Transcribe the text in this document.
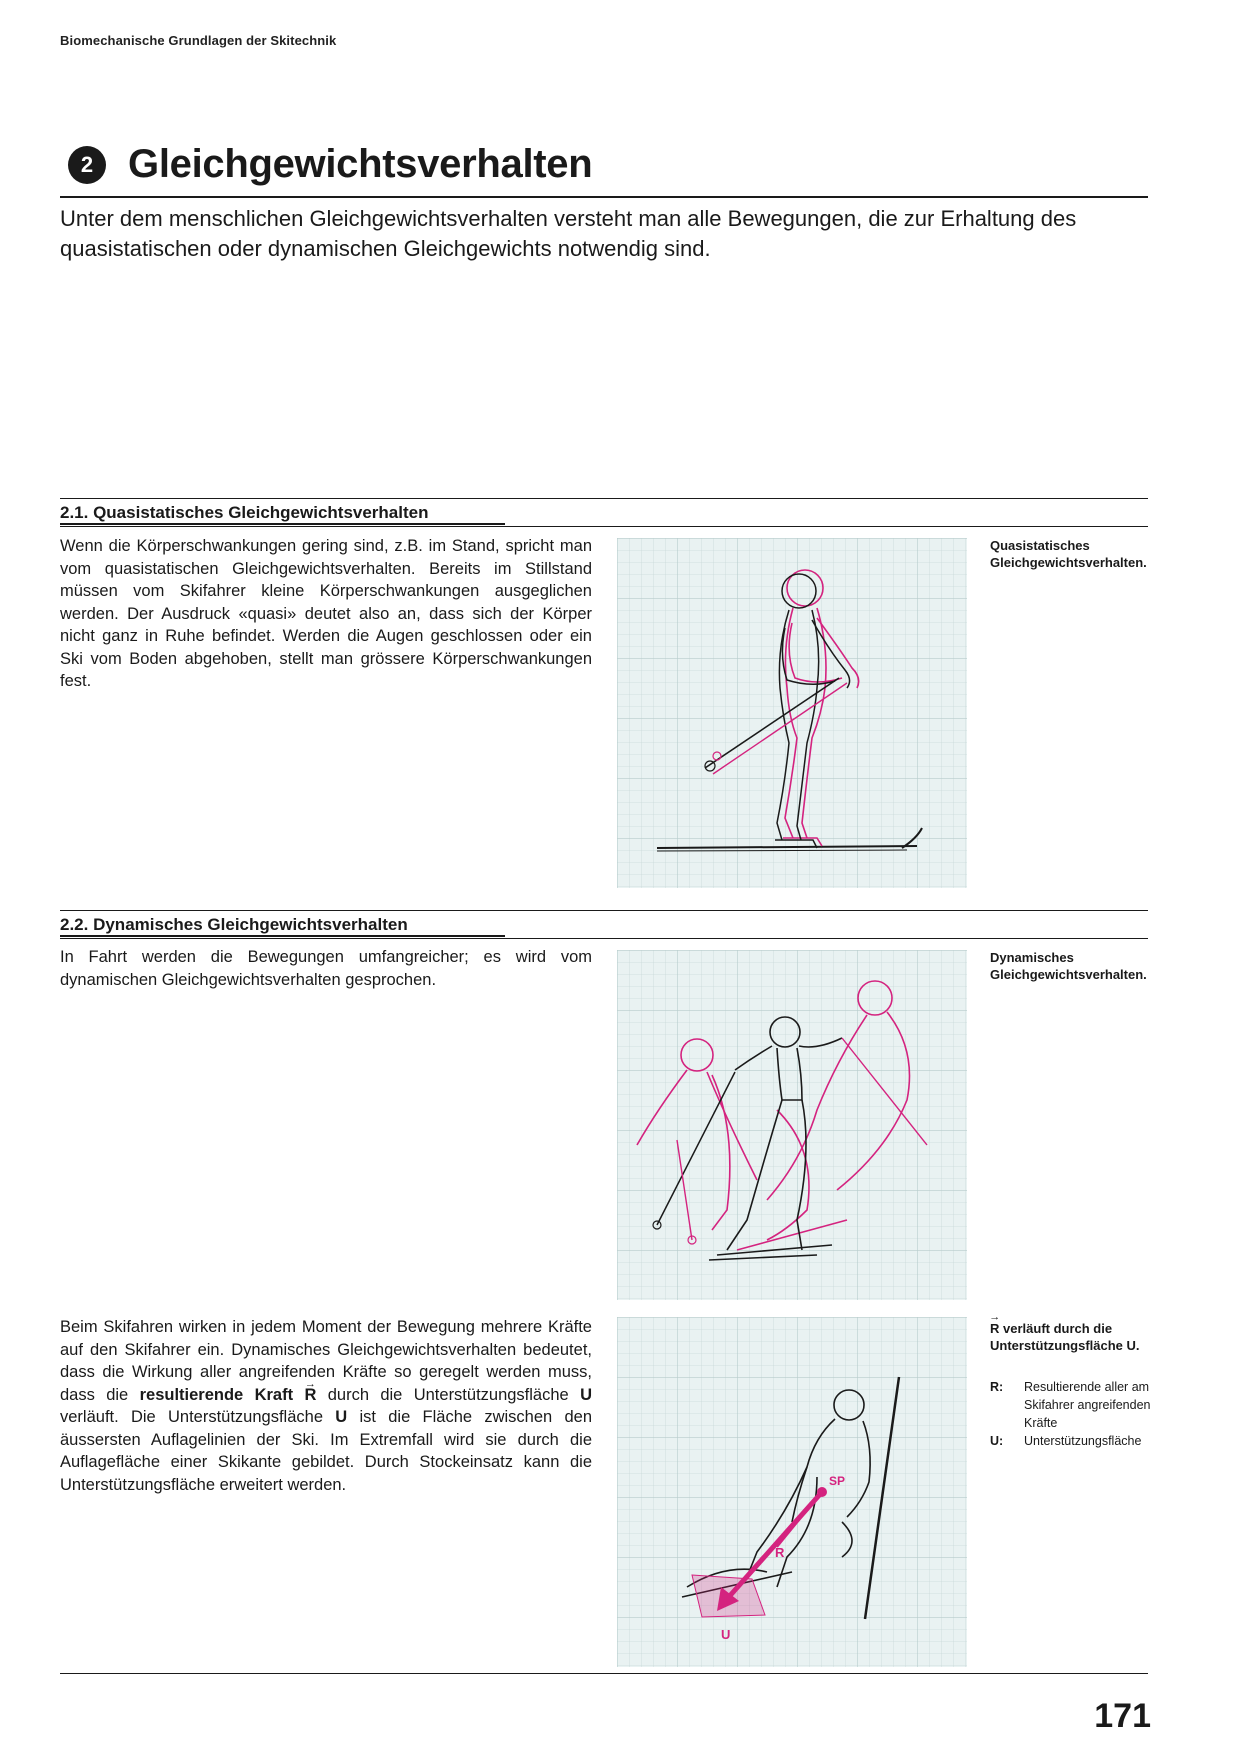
Biomechanische Grundlagen der Skitechnik
2 Gleichgewichtsverhalten
Unter dem menschlichen Gleichgewichtsverhalten versteht man alle Bewegungen, die zur Erhaltung des quasistatischen oder dynamischen Gleichgewichts notwendig sind.
2.1. Quasistatisches Gleichgewichtsverhalten
Wenn die Körperschwankungen gering sind, z.B. im Stand, spricht man vom quasistatischen Gleichgewichtsverhalten. Bereits im Stillstand müssen vom Skifahrer kleine Körperschwankungen ausgeglichen werden. Der Ausdruck «quasi» deutet also an, dass sich der Körper nicht ganz in Ruhe befindet. Werden die Augen geschlossen oder ein Ski vom Boden abgehoben, stellt man grössere Körperschwankungen fest.
Quasistatisches Gleichgewichtsverhalten.
2.2. Dynamisches Gleichgewichtsverhalten
In Fahrt werden die Bewegungen umfangreicher; es wird vom dynamischen Gleichgewichtsverhalten gesprochen.
Dynamisches Gleichgewichtsverhalten.
Beim Skifahren wirken in jedem Moment der Bewegung mehrere Kräfte auf den Skifahrer ein. Dynamisches Gleichgewichtsverhalten bedeutet, dass die Wirkung aller angreifenden Kräfte so geregelt werden muss, dass die resultierende Kraft → R durch die Unterstützungsfläche U verläuft. Die Unterstützungsfläche U ist die Fläche zwischen den äussersten Auflagelinien der Ski. Im Extremfall wird sie durch die Auflagefläche einer Skikante gebildet. Durch Stockeinsatz kann die Unterstützungsfläche erweitert werden.
→ R verläuft durch die Unterstützungsfläche U.
R:	Resultierende aller am Skifahrer angreifenden Kräfte
U:	Unterstützungsfläche
SP
R
U
171
